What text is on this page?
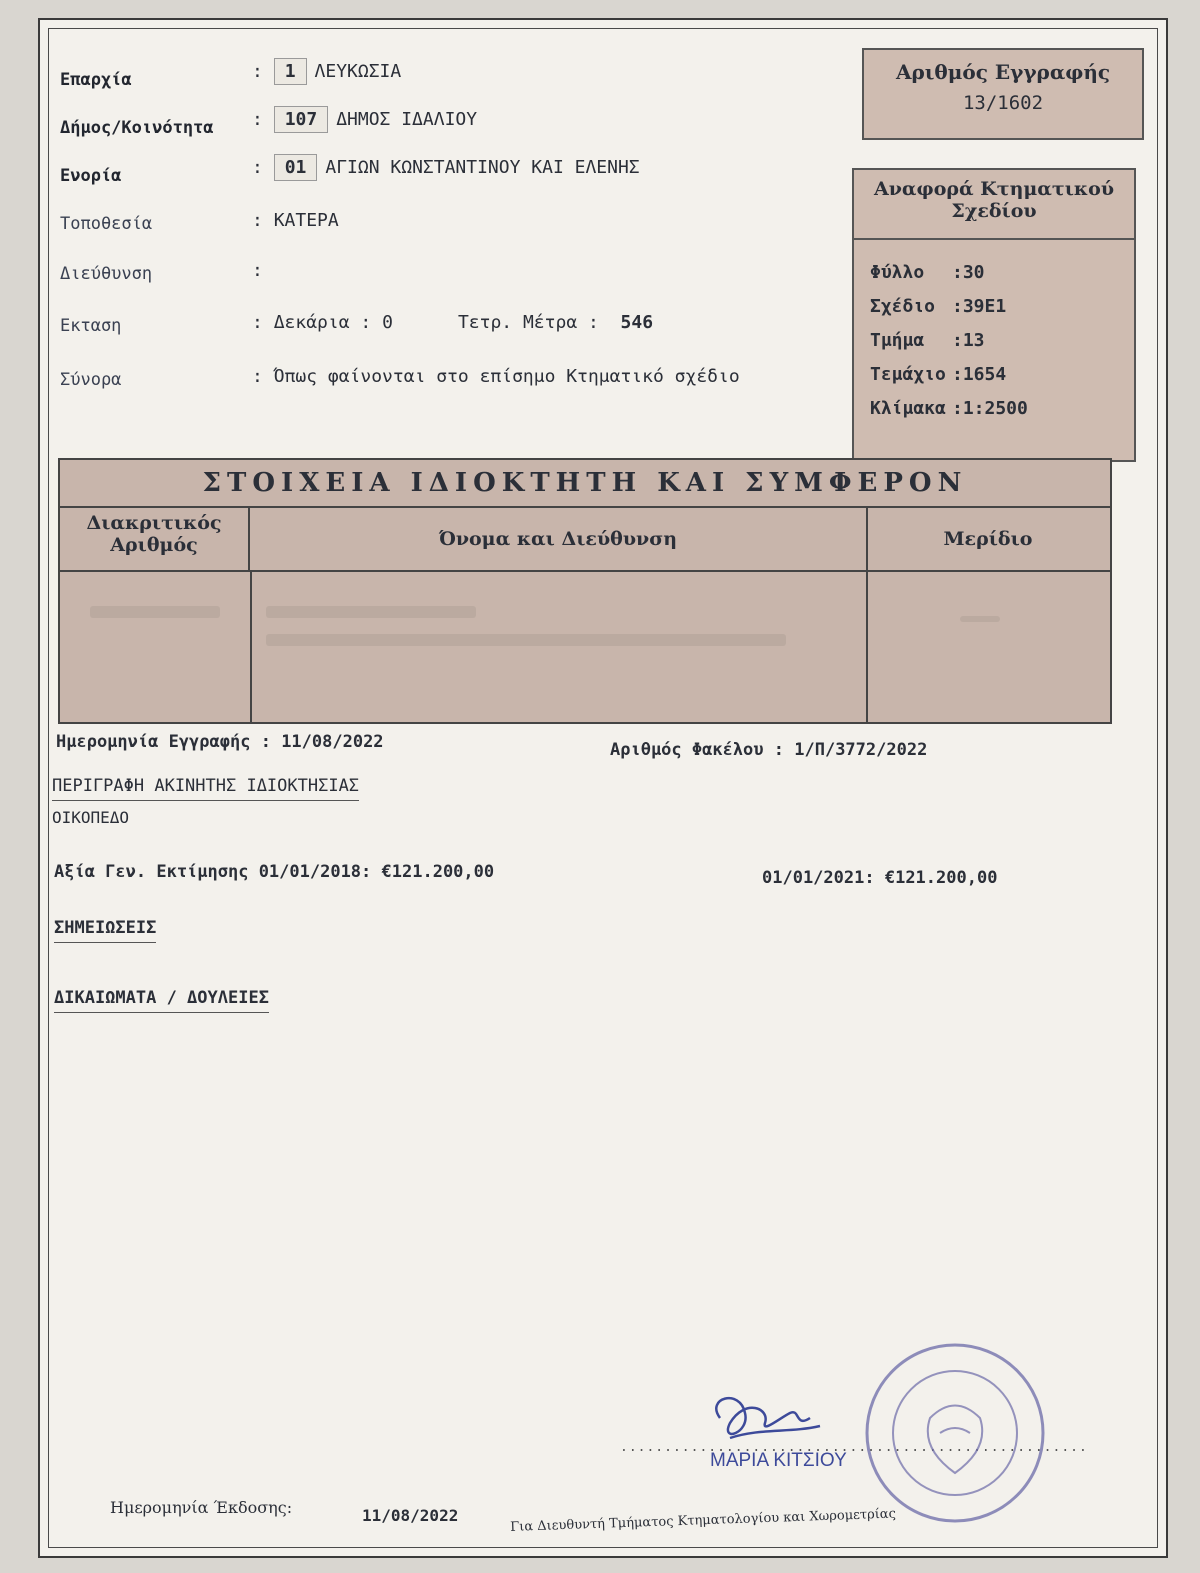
Επαρχία	: 1 ΛΕΥΚΩΣΙΑ
Δήμος/Κοινότητα : 107 ΔΗΜΟΣ ΙΔΑΛΙΟΥ
Ενορία	: 01 ΑΓΙΩΝ ΚΩΝΣΤΑΝΤΙΝΟΥ ΚΑΙ ΕΛΕΝΗΣ
Τοποθεσία	: ΚΑΤΕΡΑ
Διεύθυνση	:
Εκταση	: Δεκάρια : 0	Τετρ. Μέτρα : 546
Σύνορα	: Όπως φαίνονται στο επίσημο Κτηματικό σχέδιο
Αριθμός Εγγραφής
13/1602
Αναφορά Κτηματικού
Σχεδίου
Φύλλο :30
Σχέδιο :39E1
Τμήμα :13
Τεμάχιο :1654
Κλίμακα :1:2500
ΣΤΟΙΧΕΙΑ ΙΔΙΟΚΤΗΤΗ ΚΑΙ ΣΥΜΦΕΡΟΝ
Διακριτικός
Αριθμός	Όνομα και Διεύθυνση	Μερίδιο
Ημερομηνία Εγγραφής : 11/08/2022	Αριθμός Φακέλου : 1/Π/3772/2022
ΠΕΡΙΓΡΑΦΗ ΑΚΙΝΗΤΗΣ ΙΔΙΟΚΤΗΣΙΑΣ
ΟΙΚΟΠΕΔΟ
Αξία Γεν. Εκτίμησης 01/01/2018: €121.200,00	01/01/2021: €121.200,00
ΣΗΜΕΙΩΣΕΙΣ
ΔΙΚΑΙΩΜΑΤΑ / ΔΟΥΛΕΙΕΣ
Ημερομηνία Έκδοσης:	11/08/2022
.....................................................
ΜΑΡΙΑ ΚΙΤΣΙΟΥ
Για Διευθυντή Τμήματος Κτηματολογίου και Χωρομετρίας
